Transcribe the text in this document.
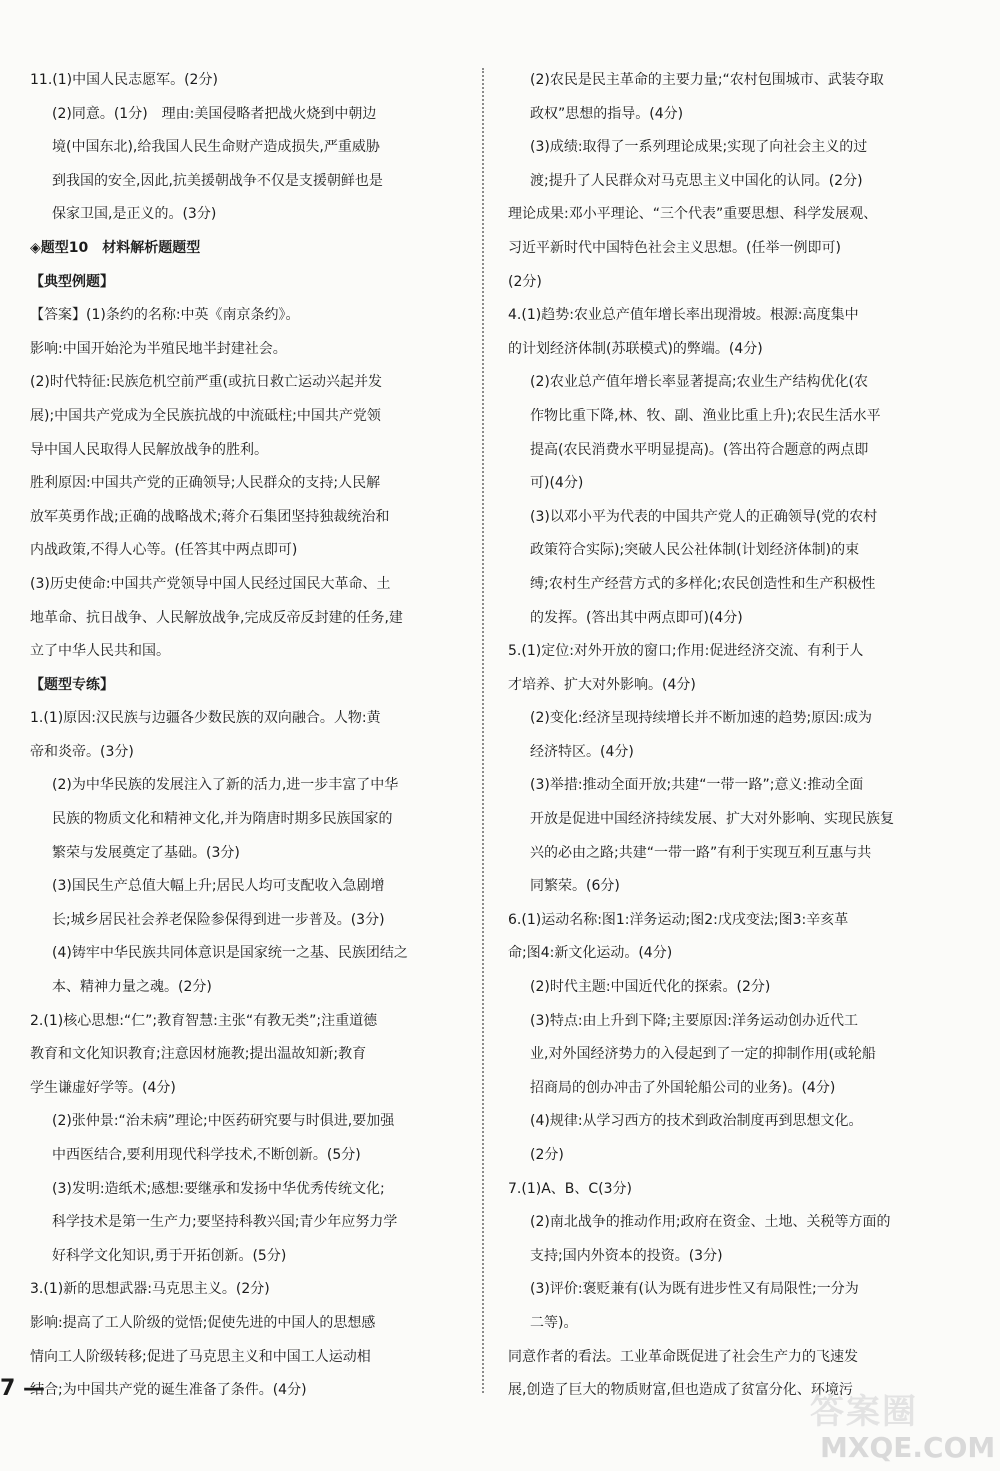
11.(1)中国人民志愿军。(2分)
(2)同意。(1分)　理由:美国侵略者把战火烧到中朝边
境(中国东北),给我国人民生命财产造成损失,严重威胁
到我国的安全,因此,抗美援朝战争不仅是支援朝鲜也是
保家卫国,是正义的。(3分)
◈题型10　材料解析题题型
【典型例题】
【答案】(1)条约的名称:中英《南京条约》。
影响:中国开始沦为半殖民地半封建社会。
(2)时代特征:民族危机空前严重(或抗日救亡运动兴起并发
展);中国共产党成为全民族抗战的中流砥柱;中国共产党领
导中国人民取得人民解放战争的胜利。
胜利原因:中国共产党的正确领导;人民群众的支持;人民解
放军英勇作战;正确的战略战术;蒋介石集团坚持独裁统治和
内战政策,不得人心等。(任答其中两点即可)
(3)历史使命:中国共产党领导中国人民经过国民大革命、土
地革命、抗日战争、人民解放战争,完成反帝反封建的任务,建
立了中华人民共和国。
【题型专练】
1.(1)原因:汉民族与边疆各少数民族的双向融合。人物:黄
帝和炎帝。(3分)
(2)为中华民族的发展注入了新的活力,进一步丰富了中华
民族的物质文化和精神文化,并为隋唐时期多民族国家的
繁荣与发展奠定了基础。(3分)
(3)国民生产总值大幅上升;居民人均可支配收入急剧增
长;城乡居民社会养老保险参保得到进一步普及。(3分)
(4)铸牢中华民族共同体意识是国家统一之基、民族团结之
本、精神力量之魂。(2分)
2.(1)核心思想:“仁”;教育智慧:主张“有教无类”;注重道德
教育和文化知识教育;注意因材施教;提出温故知新;教育
学生谦虚好学等。(4分)
(2)张仲景:“治未病”理论;中医药研究要与时俱进,要加强
中西医结合,要利用现代科学技术,不断创新。(5分)
(3)发明:造纸术;感想:要继承和发扬中华优秀传统文化;
科学技术是第一生产力;要坚持科教兴国;青少年应努力学
好科学文化知识,勇于开拓创新。(5分)
3.(1)新的思想武器:马克思主义。(2分)
影响:提高了工人阶级的觉悟;促使先进的中国人的思想感
情向工人阶级转移;促进了马克思主义和中国工人运动相
结合;为中国共产党的诞生准备了条件。(4分)
(2)农民是民主革命的主要力量;“农村包围城市、武装夺取
政权”思想的指导。(4分)
(3)成绩:取得了一系列理论成果;实现了向社会主义的过
渡;提升了人民群众对马克思主义中国化的认同。(2分)
理论成果:邓小平理论、“三个代表”重要思想、科学发展观、
习近平新时代中国特色社会主义思想。(任举一例即可)
(2分)
4.(1)趋势:农业总产值年增长率出现滑坡。根源:高度集中
的计划经济体制(苏联模式)的弊端。(4分)
(2)农业总产值年增长率显著提高;农业生产结构优化(农
作物比重下降,林、牧、副、渔业比重上升);农民生活水平
提高(农民消费水平明显提高)。(答出符合题意的两点即
可)(4分)
(3)以邓小平为代表的中国共产党人的正确领导(党的农村
政策符合实际);突破人民公社体制(计划经济体制)的束
缚;农村生产经营方式的多样化;农民创造性和生产积极性
的发挥。(答出其中两点即可)(4分)
5.(1)定位:对外开放的窗口;作用:促进经济交流、有利于人
才培养、扩大对外影响。(4分)
(2)变化:经济呈现持续增长并不断加速的趋势;原因:成为
经济特区。(4分)
(3)举措:推动全面开放;共建“一带一路”;意义:推动全面
开放是促进中国经济持续发展、扩大对外影响、实现民族复
兴的必由之路;共建“一带一路”有利于实现互利互惠与共
同繁荣。(6分)
6.(1)运动名称:图1:洋务运动;图2:戊戌变法;图3:辛亥革
命;图4:新文化运动。(4分)
(2)时代主题:中国近代化的探索。(2分)
(3)特点:由上升到下降;主要原因:洋务运动创办近代工
业,对外国经济势力的入侵起到了一定的抑制作用(或轮船
招商局的创办冲击了外国轮船公司的业务)。(4分)
(4)规律:从学习西方的技术到政治制度再到思想文化。
(2分)
7.(1)A、B、C(3分)
(2)南北战争的推动作用;政府在资金、土地、关税等方面的
支持;国内外资本的投资。(3分)
(3)评价:褒贬兼有(认为既有进步性又有局限性;一分为
二等)。
同意作者的看法。工业革命既促进了社会生产力的飞速发
展,创造了巨大的物质财富,但也造成了贫富分化、环境污
7 —
答案圈
MXQE.COM
